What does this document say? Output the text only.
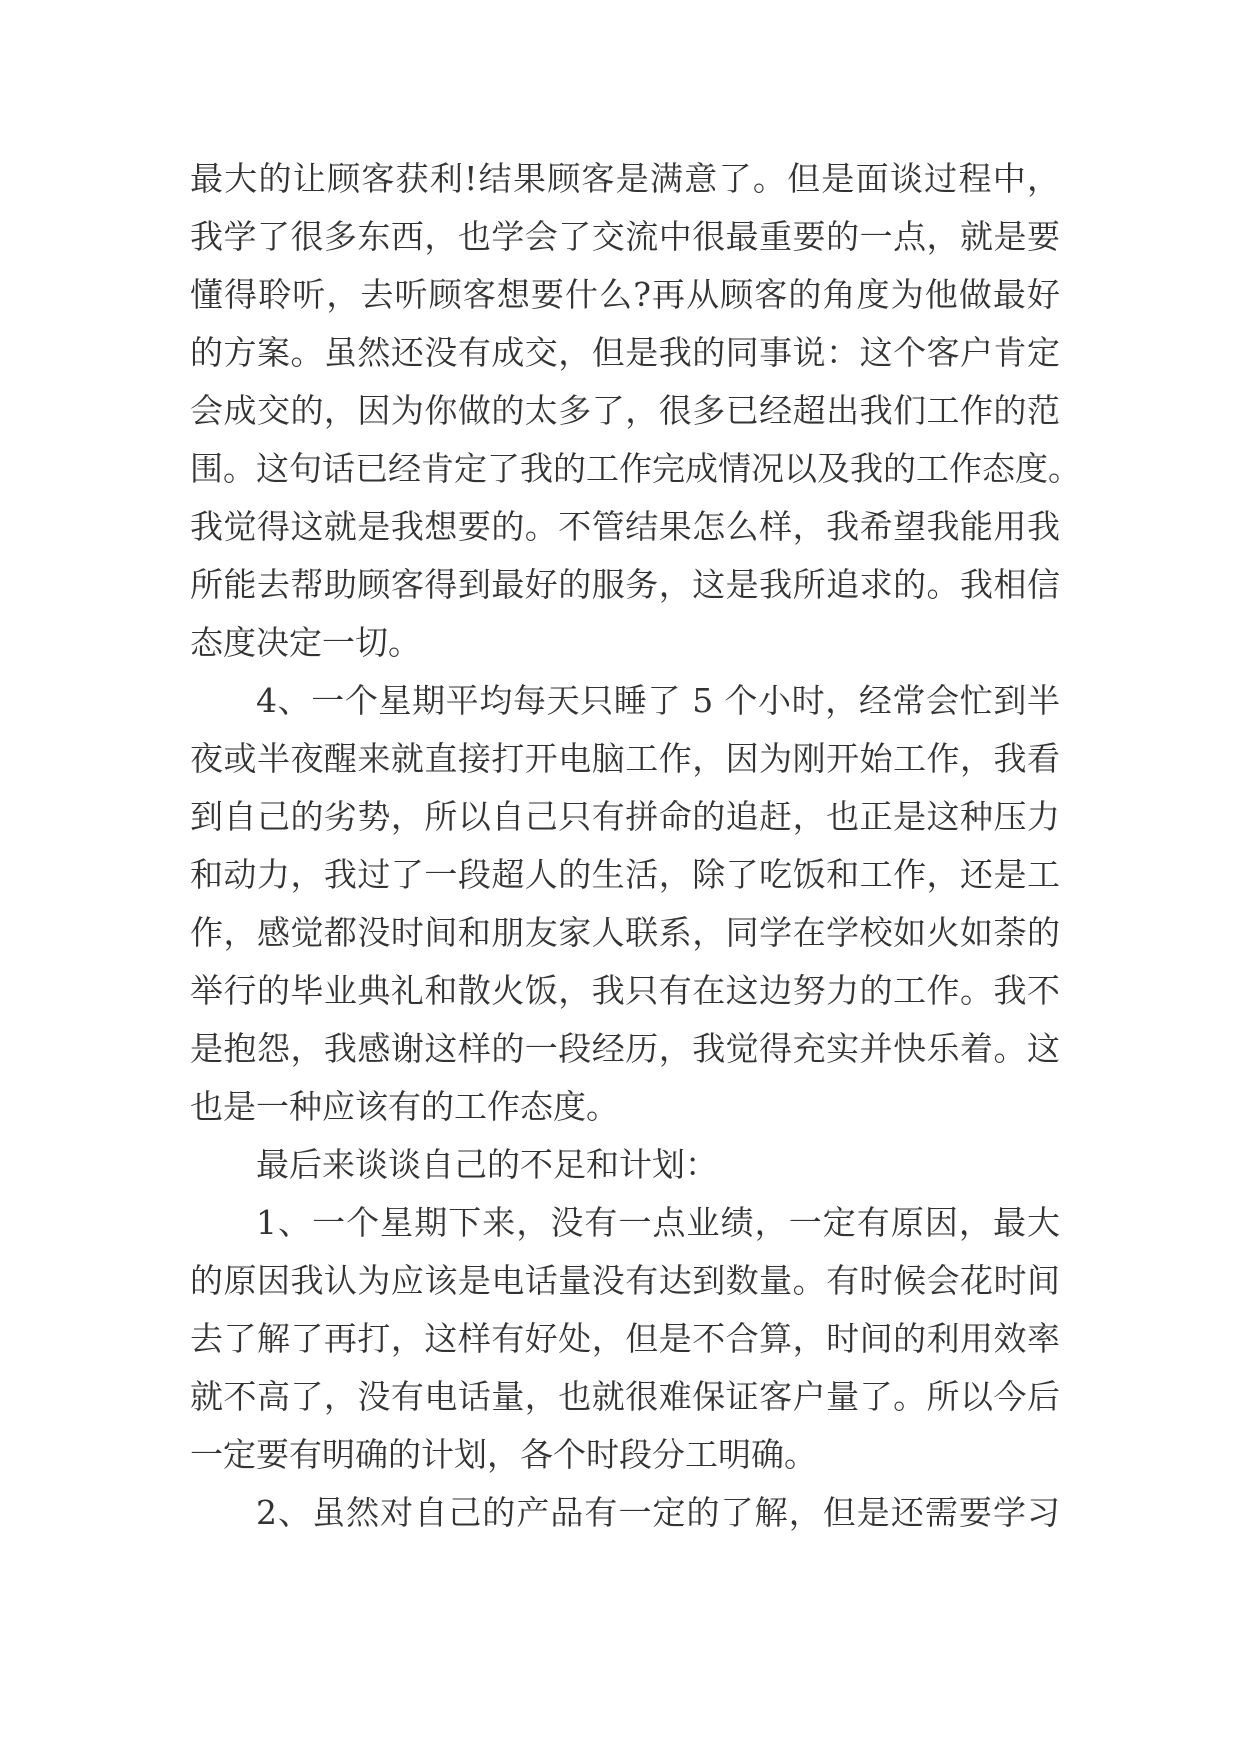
最大的让顾客获利!结果顾客是满意了。但是面谈过程中，
我学了很多东西，也学会了交流中很最重要的一点，就是要
懂得聆听，去听顾客想要什么?再从顾客的角度为他做最好
的方案。虽然还没有成交，但是我的同事说：这个客户肯定
会成交的，因为你做的太多了，很多已经超出我们工作的范
围。这句话已经肯定了我的工作完成情况以及我的工作态度。
我觉得这就是我想要的。不管结果怎么样，我希望我能用我
所能去帮助顾客得到最好的服务，这是我所追求的。我相信
态度决定一切。
4、一个星期平均每天只睡了 5 个小时，经常会忙到半
夜或半夜醒来就直接打开电脑工作，因为刚开始工作，我看
到自己的劣势，所以自己只有拼命的追赶，也正是这种压力
和动力，我过了一段超人的生活，除了吃饭和工作，还是工
作，感觉都没时间和朋友家人联系，同学在学校如火如荼的
举行的毕业典礼和散火饭，我只有在这边努力的工作。我不
是抱怨，我感谢这样的一段经历，我觉得充实并快乐着。这
也是一种应该有的工作态度。
最后来谈谈自己的不足和计划：
1、一个星期下来，没有一点业绩，一定有原因，最大
的原因我认为应该是电话量没有达到数量。有时候会花时间
去了解了再打，这样有好处，但是不合算，时间的利用效率
就不高了，没有电话量，也就很难保证客户量了。所以今后
一定要有明确的计划，各个时段分工明确。
2、虽然对自己的产品有一定的了解，但是还需要学习
